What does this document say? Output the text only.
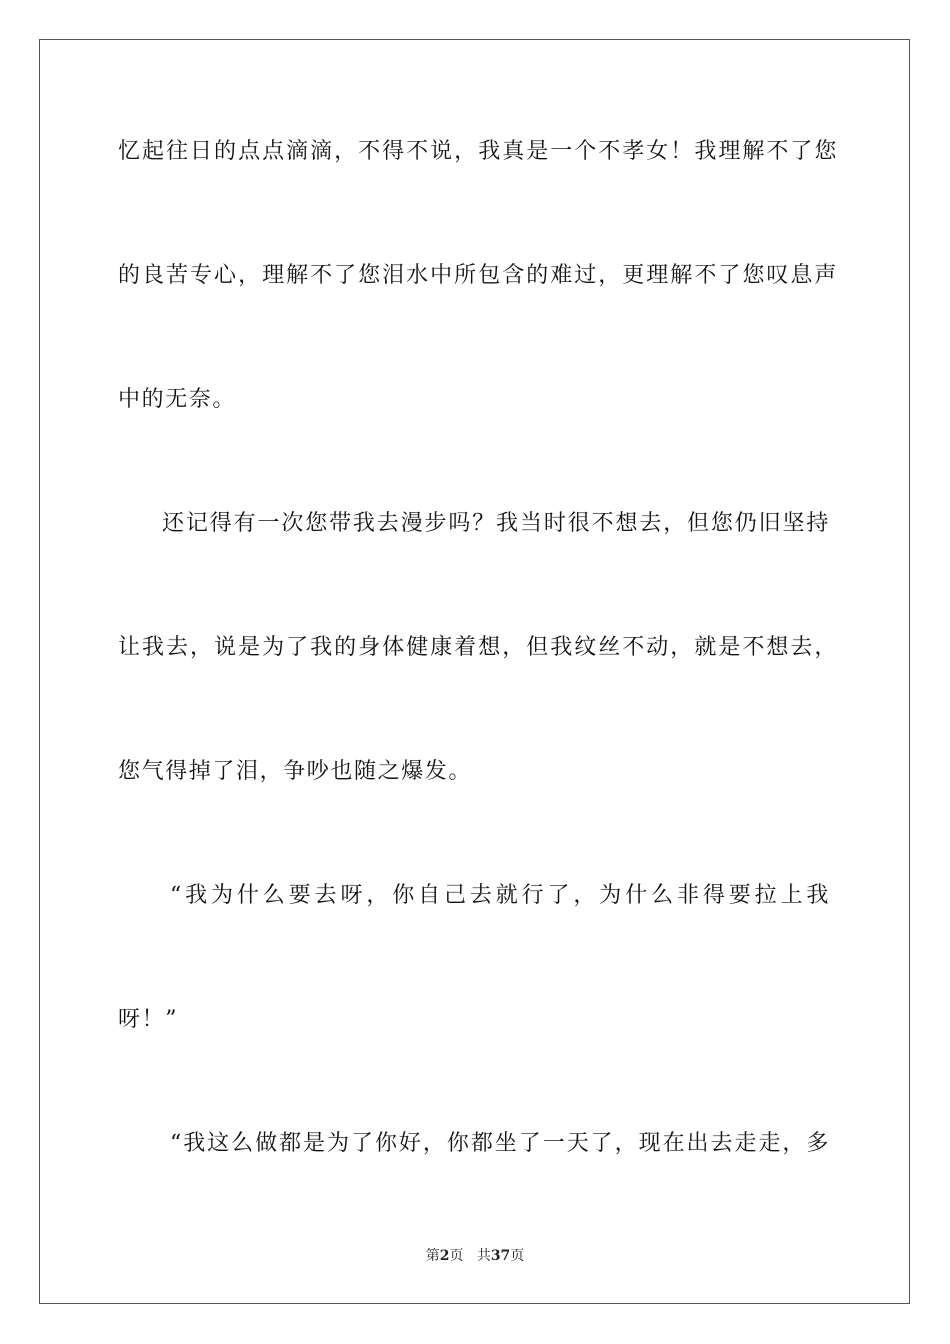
忆起往日的点点滴滴，不得不说，我真是一个不孝女！我理解不了您
的良苦专心，理解不了您泪水中所包含的难过，更理解不了您叹息声
中的无奈。
还记得有一次您带我去漫步吗？我当时很不想去，但您仍旧坚持
让我去，说是为了我的身体健康着想，但我纹丝不动，就是不想去，
您气得掉了泪，争吵也随之爆发。
“我为什么要去呀，你自己去就行了，为什么非得要拉上我
呀！”
“我这么做都是为了你好，你都坐了一天了，现在出去走走，多
第2页 共37页
